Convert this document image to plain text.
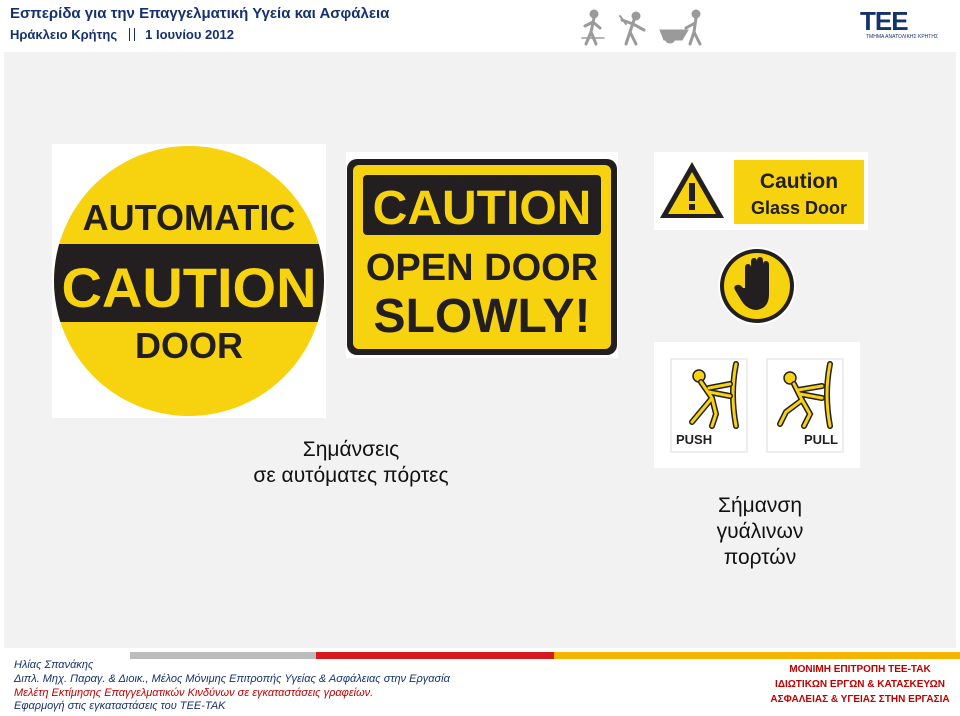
Εσπερίδα για την Επαγγελματική Υγεία και Ασφάλεια
Ηράκλειο Κρήτης 1 Ιουνίου 2012	TEE
ΤΜΗΜΑ ΑΝΑΤΟΛΙΚΗΣ ΚΡΗΤΗΣ
AUTOMATIC
CAUTION
DOOR
CAUTION
OPEN DOOR
SLOWLY!
Caution
Glass Door
PUSH	PULL
Σημάνσεις
σε αυτόματες πόρτες
Σήμανση
γυάλινων
πορτών
Ηλίας Σπανάκης
Διπλ. Μηχ. Παραγ. & Διοικ., Μέλος Μόνιμης Επιτροπής Υγείας & Ασφάλειας στην Εργασία
Μελέτη Εκτίμησης Επαγγελματικών Κινδύνων σε εγκαταστάσεις γραφείων.
Εφαρμογή στις εγκαταστάσεις του ΤΕΕ-ΤΑΚ
ΜΟΝΙΜΗ ΕΠΙΤΡΟΠΗ ΤΕΕ-ΤΑΚ
ΙΔΙΩΤΙΚΩΝ ΕΡΓΩΝ & ΚΑΤΑΣΚΕΥΩΝ
ΑΣΦΑΛΕΙΑΣ & ΥΓΕΙΑΣ ΣΤΗΝ ΕΡΓΑΣΙΑ
